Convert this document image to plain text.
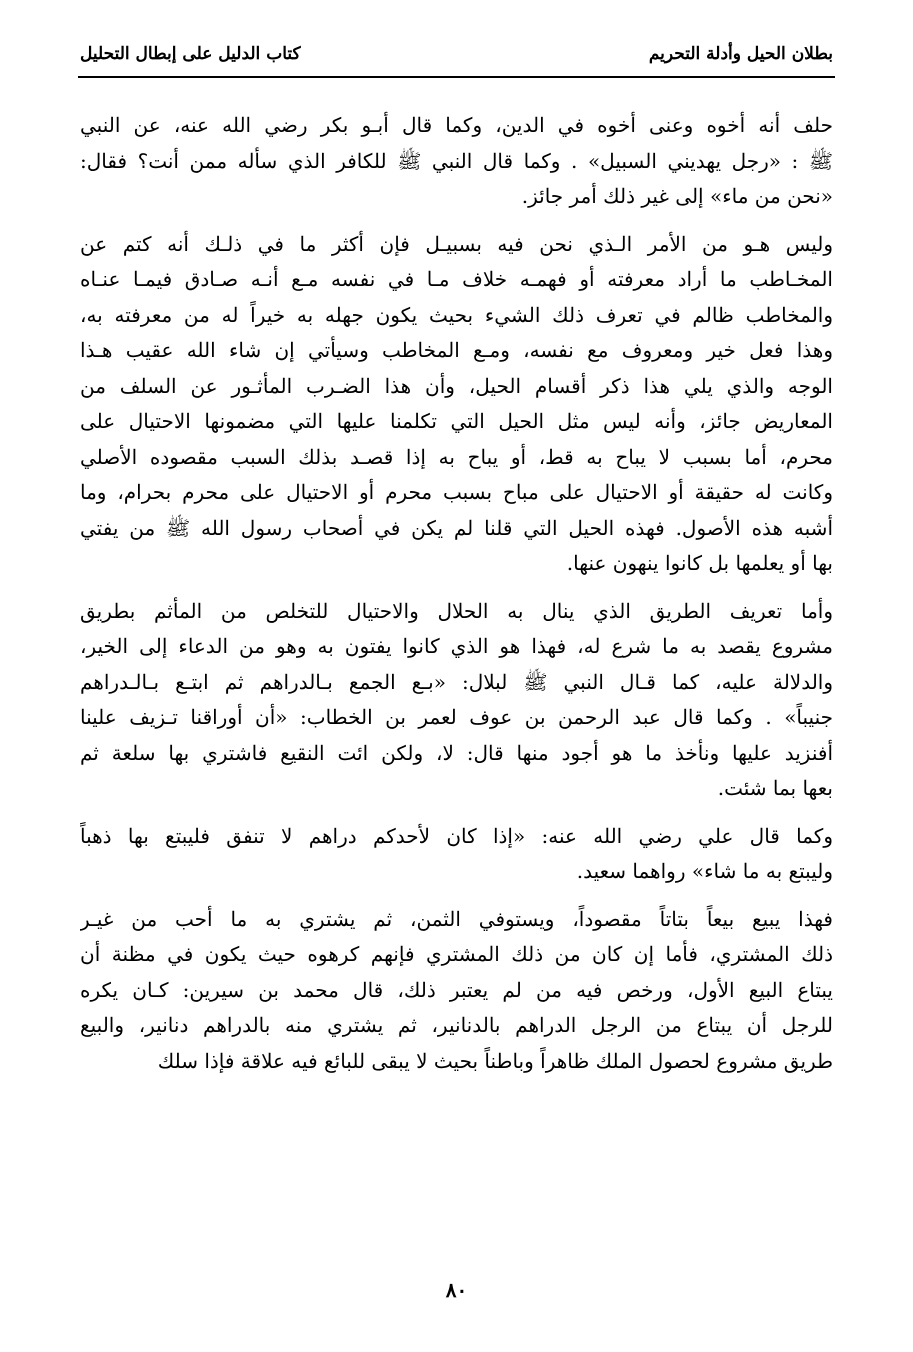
بطلان الحيل وأدلة التحريم
كتاب الدليل على إبطال التحليل
حلف أنه أخوه وعنى أخوه في الدين، وكما قال أبـو بكر رضي الله عنه، عن النبي
ﷺ : «رجل يهديني السبيل» . وكما قال النبي ﷺ للكافر الذي سأله ممن أنت؟ فقال:
«نحن من ماء» إلى غير ذلك أمر جائز.
وليس هـو من الأمر الـذي نحن فيه بسبيـل فإن أكثر ما في ذلـك أنه كتم عن
المخـاطب ما أراد معرفته أو فهمـه خلاف مـا في نفسه مـع أنـه صـادق فيمـا عنـاه
والمخاطب ظالم في تعرف ذلك الشيء بحيث يكون جهله به خيراً له من معرفته به،
وهذا فعل خير ومعروف مع نفسه، ومـع المخاطب وسيأتي إن شاء الله عقيب هـذا
الوجه والذي يلي هذا ذكر أقسام الحيل، وأن هذا الضـرب المأثـور عن السلف من
المعاريض جائز، وأنه ليس مثل الحيل التي تكلمنا عليها التي مضمونها الاحتيال على
محرم، أما بسبب لا يباح به قط، أو يباح به إذا قصـد بذلك السبب مقصوده الأصلي
وكانت له حقيقة أو الاحتيال على مباح بسبب محرم أو الاحتيال على محرم بحرام، وما
أشبه هذه الأصول. فهذه الحيل التي قلنا لم يكن في أصحاب رسول الله ﷺ من يفتي
بها أو يعلمها بل كانوا ينهون عنها.
وأما تعريف الطريق الذي ينال به الحلال والاحتيال للتخلص من المأثم بطريق
مشروع يقصد به ما شرع له، فهذا هو الذي كانوا يفتون به وهو من الدعاء إلى الخير،
والدلالة عليه، كما قـال النبي ﷺ لبلال: «بـع الجمع بـالدراهم ثم ابتـع بـالـدراهم
جنيباً» . وكما قال عبد الرحمن بن عوف لعمر بن الخطاب: «أن أوراقنا تـزيف علينا
أفنزيد عليها ونأخذ ما هو أجود منها قال: لا، ولكن ائت النقيع فاشتري بها سلعة ثم
بعها بما شئت.
وكما قال علي رضي الله عنه: «إذا كان لأحدكم دراهم لا تنفق فليبتع بها ذهباً
وليبتع به ما شاء» رواهما سعيد.
فهذا يبيع بيعاً بتاتاً مقصوداً، ويستوفي الثمن، ثم يشتري به ما أحب من غيـر
ذلك المشتري، فأما إن كان من ذلك المشتري فإنهم كرهوه حيث يكون في مظنة أن
يبتاع البيع الأول، ورخص فيه من لم يعتبر ذلك، قال محمد بن سيرين: كـان يكره
للرجل أن يبتاع من الرجل الدراهم بالدنانير، ثم يشتري منه بالدراهم دنانير، والبيع
طريق مشروع لحصول الملك ظاهراً وباطناً بحيث لا يبقى للبائع فيه علاقة فإذا سلك
٨٠
